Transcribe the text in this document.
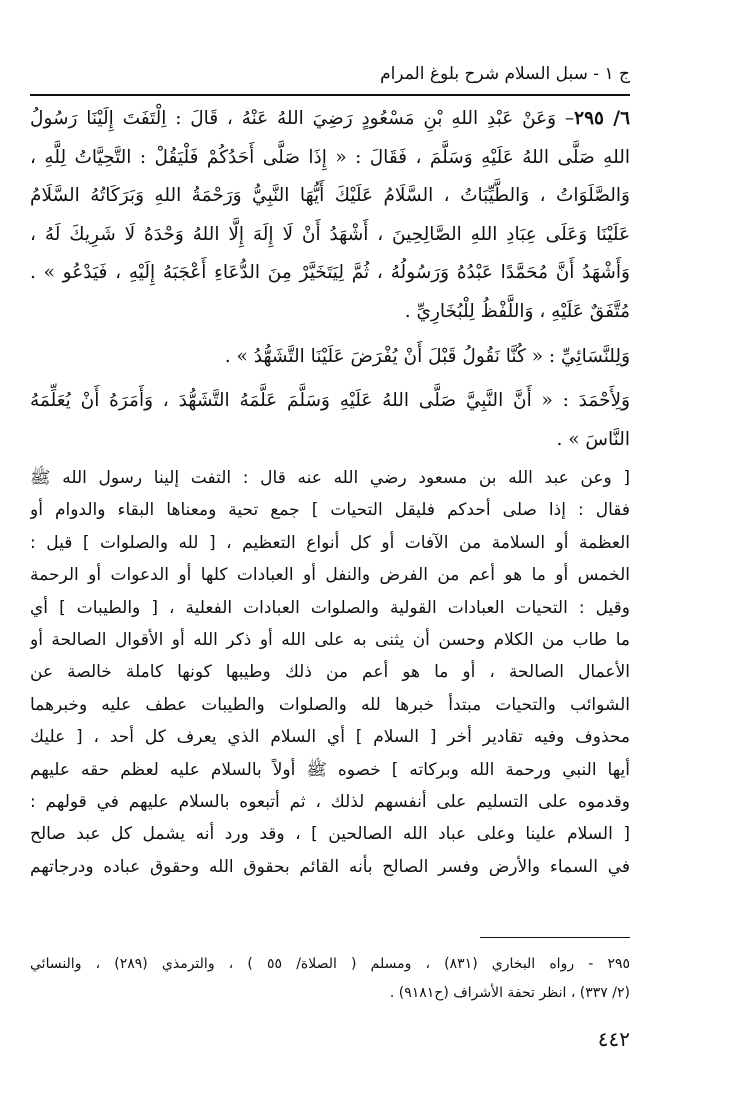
ج ١ - سبل السلام شرح بلوغ المرام
٦/ ٢٩٥– وَعَنْ عَبْدِ اللهِ بْنِ مَسْعُودٍ رَضِيَ اللهُ عَنْهُ ، قَالَ : اِلْتَفَتَ إِلَيْنَا رَسُولُ
اللهِ صَلَّى اللهُ عَلَيْهِ وَسَلَّمَ ، فَقَالَ : « إِذَا صَلَّى أَحَدُكُمْ فَلْيَقُلْ : التَّحِيَّاتُ لِلَّهِ ،
وَالصَّلَوَاتُ ، وَالطَّيِّبَاتُ ، السَّلَامُ عَلَيْكَ أَيُّهَا النَّبِيُّ وَرَحْمَةُ اللهِ وَبَرَكَاتُهُ السَّلَامُ
عَلَيْنَا وَعَلَى عِبَادِ اللهِ الصَّالِحِينَ ، أَشْهَدُ أَنْ لَا إِلَهَ إِلَّا اللهُ وَحْدَهُ لَا شَرِيكَ لَهُ ،
وَأَشْهَدُ أَنَّ مُحَمَّدًا عَبْدُهُ وَرَسُولُهُ ، ثُمَّ لِيَتَخَيَّرْ مِنَ الدُّعَاءِ أَعْجَبَهُ إِلَيْهِ ، فَيَدْعُو » .
مُتَّفَقٌ عَلَيْهِ ، وَاللَّفْظُ لِلْبُخَارِيِّ .
وَلِلنَّسَائِيِّ : « كُنَّا نَقُولُ قَبْلَ أَنْ يُفْرَضَ عَلَيْنَا التَّشَهُّدُ » .
وَلِأَحْمَدَ : « أَنَّ النَّبِيَّ صَلَّى اللهُ عَلَيْهِ وَسَلَّمَ عَلَّمَهُ التَّشَهُّدَ ، وَأَمَرَهُ أَنْ يُعَلِّمَهُ
النَّاسَ » .
[ وعن عبد الله بن مسعود رضي الله عنه قال : التفت إلينا رسول الله ﷺ
فقال : إذا صلى أحدكم فليقل التحيات ] جمع تحية ومعناها البقاء والدوام أو
العظمة أو السلامة من الآفات أو كل أنواع التعظيم ، [ لله والصلوات ] قيل :
الخمس أو ما هو أعم من الفرض والنفل أو العبادات كلها أو الدعوات أو الرحمة
وقيل : التحيات العبادات القولية والصلوات العبادات الفعلية ، [ والطيبات ] أي
ما طاب من الكلام وحسن أن يثنى به على الله أو ذكر الله أو الأقوال الصالحة أو
الأعمال الصالحة ، أو ما هو أعم من ذلك وطيبها كونها كاملة خالصة عن
الشوائب والتحيات مبتدأ خبرها لله والصلوات والطيبات عطف عليه وخبرهما
محذوف وفيه تقادير أخر [ السلام ] أي السلام الذي يعرف كل أحد ، [ عليك
أيها النبي ورحمة الله وبركاته ] خصوه ﷺ أولاً بالسلام عليه لعظم حقه عليهم
وقدموه على التسليم على أنفسهم لذلك ، ثم أتبعوه بالسلام عليهم في قولهم :
[ السلام علينا وعلى عباد الله الصالحين ] ، وقد ورد أنه يشمل كل عبد صالح
في السماء والأرض وفسر الصالح بأنه القائم بحقوق الله وحقوق عباده ودرجاتهم
٢٩٥ - رواه البخاري (٨٣١) ، ومسلم ( الصلاة/ ٥٥ ) ، والترمذي (٢٨٩) ، والنسائي
(٢/ ٣٣٧) ، انظر تحفة الأشراف (ح٩١٨١) .
٤٤٢
